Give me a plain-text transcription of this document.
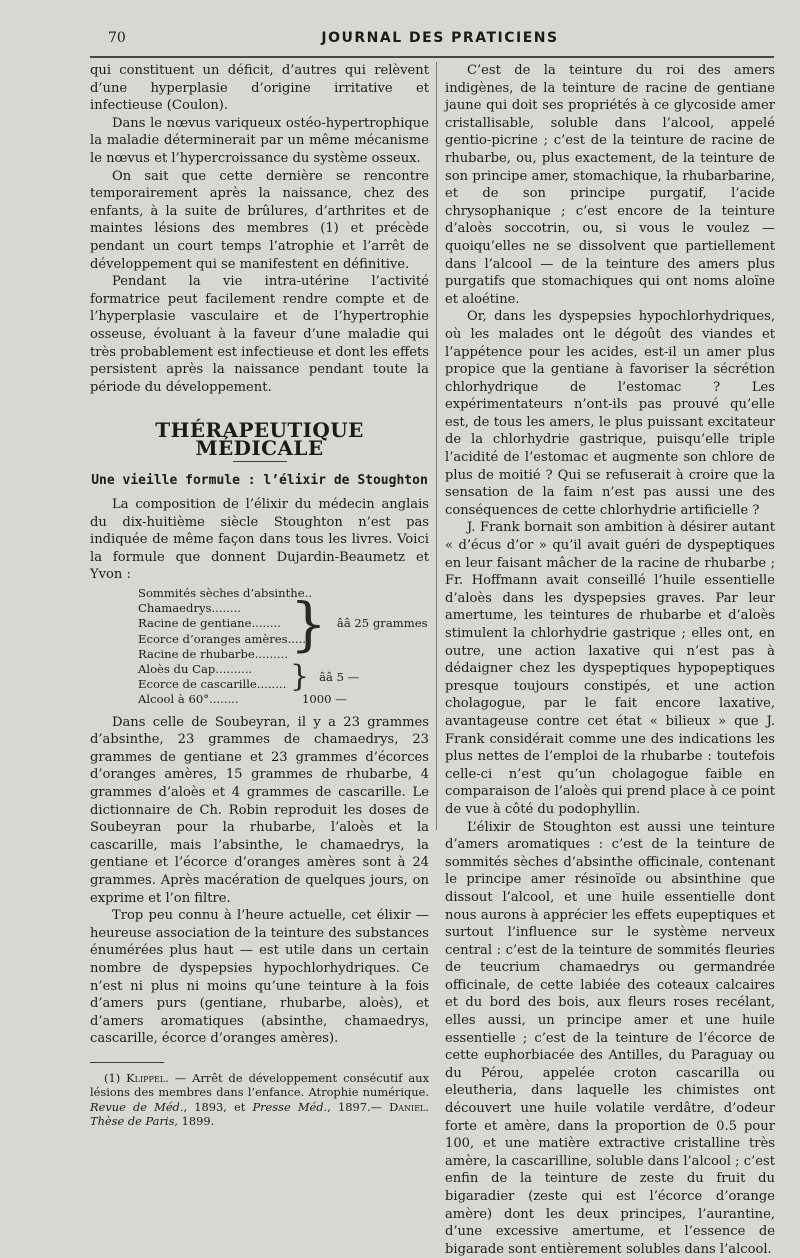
70	JOURNAL DES PRATICIENS

qui constituent un déficit, d’autres qui relèvent d’une hyperplasie d’origine irritative et infectieuse (Coulon).

Dans le nœvus variqueux ostéo-hypertrophique la maladie déterminerait par un même mécanisme le nœvus et l’hypercroissance du système osseux.

On sait que cette dernière se rencontre temporairement après la naissance, chez des enfants, à la suite de brûlures, d’arthrites et de maintes lésions des membres (1) et précède pendant un court temps l’atrophie et l’arrêt de développement qui se manifestent en définitive.

Pendant la vie intra-utérine l’activité formatrice peut facilement rendre compte et de l’hyperplasie vasculaire et de l’hypertrophie osseuse, évoluant à la faveur d’une maladie qui très probablement est infectieuse et dont les effets persistent après la naissance pendant toute la période du développement.

THÉRAPEUTIQUE MÉDICALE
Une vieille formule : l’élixir de Stoughton

La composition de l’élixir du médecin anglais du dix-huitième siècle Stoughton n’est pas indiquée de même façon dans tous les livres. Voici la formule que donnent Dujardin-Beaumetz et Yvon :

Sommités sèches d’absinthe..
Chamaedrys........
Racine de gentiane........
Ecorce d’oranges amères.....
Racine de rhubarbe......... } ââ 25 grammes
Aloès du Cap..........
Ecorce de cascarille........ } ââ 5 —
Alcool à 60°........	1000 —

Dans celle de Soubeyran, il y a 23 grammes d’absinthe, 23 grammes de chamaedrys, 23 grammes de gentiane et 23 grammes d’écorces d’oranges amères, 15 grammes de rhubarbe, 4 grammes d’aloès et 4 grammes de cascarille. Le dictionnaire de Ch. Robin reproduit les doses de Soubeyran pour la rhubarbe, l’aloès et la cascarille, mais l’absinthe, le chamaedrys, la gentiane et l’écorce d’oranges amères sont à 24 grammes. Après macération de quelques jours, on exprime et l’on filtre.

Trop peu connu à l’heure actuelle, cet élixir — heureuse association de la teinture des substances énumérées plus haut — est utile dans un certain nombre de dyspepsies hypochlorhydriques. Ce n’est ni plus ni moins qu’une teinture à la fois d’amers purs (gentiane, rhubarbe, aloès), et d’amers aromatiques (absinthe, chamaedrys, cascarille, écorce d’oranges amères).

(1) Klippel. — Arrêt de développement consécutif aux lésions des membres dans l’enfance. Atrophie numérique. Revue de Méd., 1893, et Presse Méd., 1897.— Daniel. Thèse de Paris, 1899.

C’est de la teinture du roi des amers indigènes, de la teinture de racine de gentiane jaune qui doit ses propriétés à ce glycoside amer cristallisable, soluble dans l’alcool, appelé gentio-picrine ; c’est de la teinture de racine de rhubarbe, ou, plus exactement, de la teinture de son principe amer, stomachique, la rhubarbarine, et de son principe purgatif, l’acide chrysophanique ; c’est encore de la teinture d’aloès soccotrin, ou, si vous le voulez — quoiqu’elles ne se dissolvent que partiellement dans l’alcool — de la teinture des amers plus purgatifs que stomachiques qui ont noms aloïne et aloétine.

Or, dans les dyspepsies hypochlorhydriques, où les malades ont le dégoût des viandes et l’appétence pour les acides, est-il un amer plus propice que la gentiane à favoriser la sécrétion chlorhydrique de l’estomac ? Les expérimentateurs n’ont-ils pas prouvé qu’elle est, de tous les amers, le plus puissant excitateur de la chlorhydrie gastrique, puisqu’elle triple l’acidité de l’estomac et augmente son chlore de plus de moitié ? Qui se refuserait à croire que la sensation de la faim n’est pas aussi une des conséquences de cette chlorhydrie artificielle ?

J. Frank bornait son ambition à désirer autant « d’écus d’or » qu’il avait guéri de dyspeptiques en leur faisant mâcher de la racine de rhubarbe ; Fr. Hoffmann avait conseillé l’huile essentielle d’aloès dans les dyspepsies graves. Par leur amertume, les teintures de rhubarbe et d’aloès stimulent la chlorhydrie gastrique ; elles ont, en outre, une action laxative qui n’est pas à dédaigner chez les dyspeptiques hypopeptiques presque toujours constipés, et une action cholagogue, par le fait encore laxative, avantageuse contre cet état « bilieux » que J. Frank considérait comme une des indications les plus nettes de l’emploi de la rhubarbe : toutefois celle-ci n’est qu’un cholagogue faible en comparaison de l’aloès qui prend place à ce point de vue à côté du podophyllin.

L’élixir de Stoughton est aussi une teinture d’amers aromatiques : c’est de la teinture de sommités sèches d’absinthe officinale, contenant le principe amer résinoïde ou absinthine que dissout l’alcool, et une huile essentielle dont nous aurons à apprécier les effets eupeptiques et surtout l’influence sur le système nerveux central : c’est de la teinture de sommités fleuries de teucrium chamaedrys ou germandrée officinale, de cette labiée des coteaux calcaires et du bord des bois, aux fleurs roses recélant, elles aussi, un principe amer et une huile essentielle ; c’est de la teinture de l’écorce de cette euphorbiacée des Antilles, du Paraguay ou du Pérou, appelée croton cascarilla ou eleutheria, dans laquelle les chimistes ont découvert une huile volatile verdâtre, d’odeur forte et amère, dans la proportion de 0.5 pour 100, et une matière extractive cristalline très amère, la cascarilline, soluble dans l’alcool ; c’est enfin de la teinture de zeste du fruit du bigaradier (zeste qui est l’écorce d’orange amère) dont les deux principes, l’aurantine, d’une excessive amertume, et l’essence de bigarade sont entièrement solubles dans l’alcool.
